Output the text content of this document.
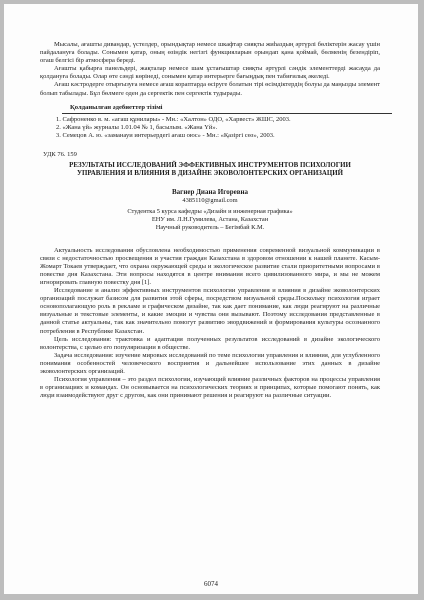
Мысалы, ағашты дивандар, үстелдер, орындықтар немесе шкафтар сияқты жиһаздың әртүрлі бөліктерін жасау үшін пайдалануға болады. Сонымен қатар, оның өзіндік негізгі функцияларын орындап қана қоймай, бөлменің безендіріп, огаш белгісі бір атмосфера береді.

Ағашты қабырға панельдері, жақталар немесе шам ұстағыштар сияқты әртүрлі сәндік элементтерді жасауда да қолдануға болады. Олар өте сәнді көрінеді, сонымен қатар интерьерге бағыңдық пен табиғилық әкеледі.

Ағаш кәстродерге отырғызуға немесе ағаш кораптарда өсіруге болатын тірі өсімдіктердің болуы да маңызды элемент болып табылады. Бұл бөлмеге оден да сергектік пен сергектік тудырады.

Қолданылған әдебиеттер тізімі
1. Сафроненко в. м. «агаш құнилары» - Мн.: «Халтон» ОДО, «Харвест» ЖШС, 2003.
2. «Жана үй» журналы 1.01.04 № 1, басылым. «Жана Үй».
3. Семецов А. ю. «заманауи интерьердегі ағаш оюс» - Мн.: «Қазіргі сөз», 2003.
УДК 76. 159
РЕЗУЛЬТАТЫ ИССЛЕДОВАНИЙ ЭФФЕКТИВНЫХ ИНСТРУМЕНТОВ ПСИХОЛОГИИ УПРАВЛЕНИЯ И ВЛИЯНИЯ В ДИЗАЙНЕ ЭКОВОЛОНТЕРСКИХ ОРГАНИЗАЦИЙ
Вагнер Диана Игоревна
4385110@gmail.com
Студентка 5 курса кафедры «Дизайн и инженерная графика»
ЕНУ им. Л.Н.Гумилева, Астана, Казахстан
Научный руководитель – Бегімбай К.М.

Актуальность исследования обусловлена необходимостью применения современной визуальной коммуникации в связи с недостаточностью просвещения и участия граждан Казахстана в здоровом отношении к нашей планете. Касым-Жомарт Токаев утверждает, что охрана окружающей среды и экологическое развитие стали приоритетными вопросами в повестке дня Казахстана. Эти вопросы находятся в центре внимания всего цивилизованного мира, и мы не можем игнорировать главную повестку дня [1].

Исследование и анализ эффективных инструментов психологии управления и влияния в дизайне эковолонтерских организаций послужат базисом для развития этой сферы, посредством визуальной среды.Поскольку психология играет основополагающую роль в рекламе и графическом дизайне, так как дает понимание, как люди реагируют на различные визуальные и текстовые элементы, и какие эмоции и чувства они вызывают. Поэтому исследования представленные в данной статье актуальны, так как значительно помогут развитию эвордвижений и формирования культуры осознанного потребления в Республике Казахстан.

Цель исследования: трактовка и адаптация полученных результатов исследований в дизайне экологического волонтерства, с целью его популяризации в обществе.

Задача исследования: изучение мировых исследований по теме психологии управления и влияния, для углубленного понимания особенностей человеческого восприятия и дальнейшее использование этих данных в дизайне эковолонтерских организаций.

Психология управления – это раздел психологии, изучающий влияние различных факторов на процессы управления в организациях и командах. Он основывается на психологических теориях и принципах, которые помогают понять, как люди взаимодействуют друг с другом, как они принимают решения и реагируют на различные ситуации.

6074
